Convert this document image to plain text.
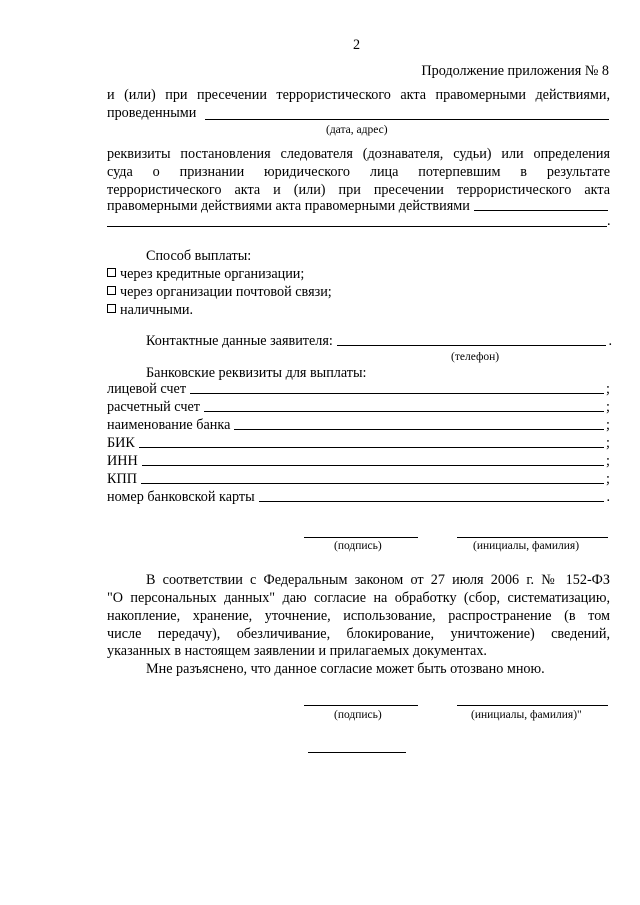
2
Продолжение приложения № 8
и (или) при пресечении террористического акта правомерными действиями,
проведенными
(дата, адрес)
реквизиты постановления следователя (дознавателя, судьи) или определения
суда о признании юридического лица потерпевшим в результате
террористического акта и (или) при пресечении террористического акта
правомерными действиями акта правомерными действиями
.
Способ выплаты:
через кредитные организации;
через организации почтовой связи;
наличными.
Контактные данные заявителя:	.
(телефон)
Банковские реквизиты для выплаты:
лицевой счет	;
расчетный счет	;
наименование банка	;
БИК	;
ИНН	;
КПП	;
номер банковской карты	.
(подпись)	(инициалы, фамилия)
В соответствии с Федеральным законом от 27 июля 2006 г. № 152-ФЗ
"О персональных данных" даю согласие на обработку (сбор, систематизацию,
накопление, хранение, уточнение, использование, распространение (в том
числе передачу), обезличивание, блокирование, уничтожение) сведений,
указанных в настоящем заявлении и прилагаемых документах.
Мне разъяснено, что данное согласие может быть отозвано мною.
(подпись)	(инициалы, фамилия)"
